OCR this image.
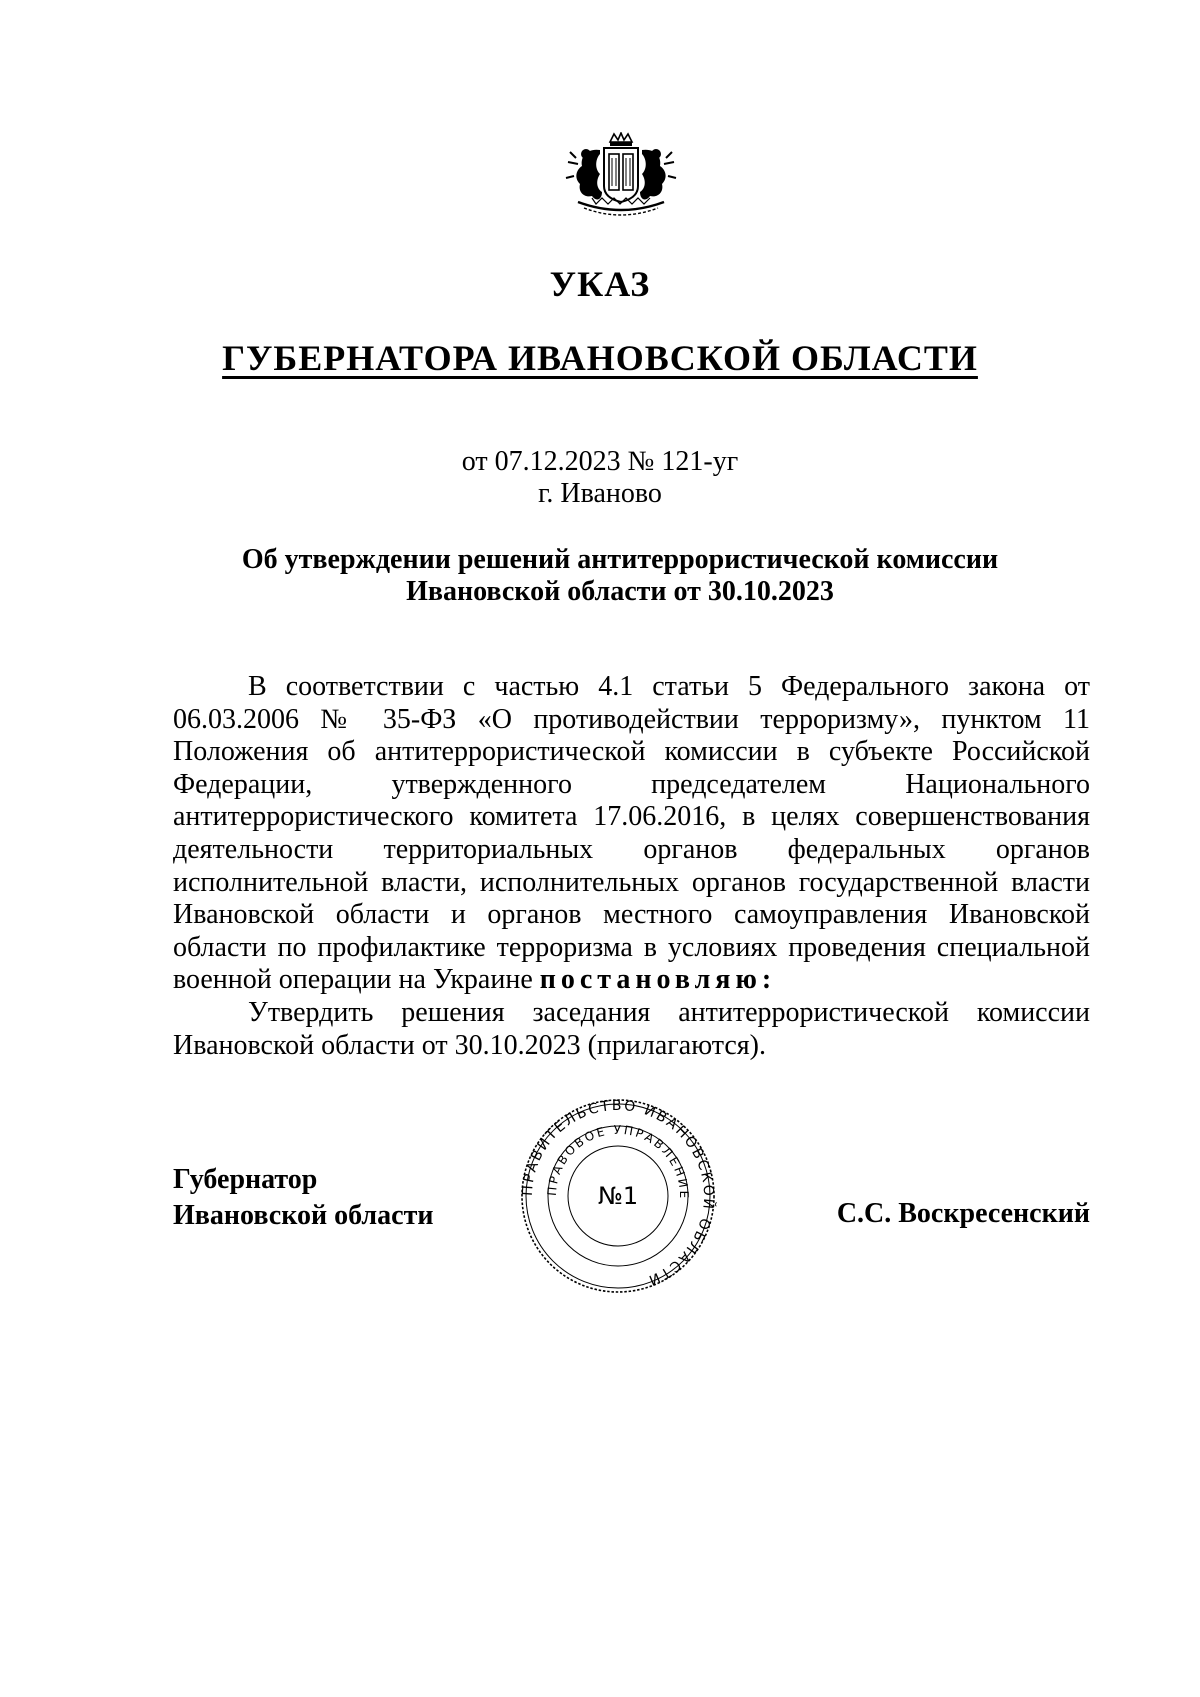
УКАЗ
ГУБЕРНАТОРА ИВАНОВСКОЙ ОБЛАСТИ
от 07.12.2023 № 121-уг
г. Иваново
Об утверждении решений антитеррористической комиссии
Ивановской области от 30.10.2023

В соответствии с частью 4.1 статьи 5 Федерального закона от 06.03.2006 № 35-ФЗ «О противодействии терроризму», пунктом 11 Положения об антитеррористической комиссии в субъекте Российской Федерации, утвержденного председателем Национального антитеррористического комитета 17.06.2016, в целях совершенствования деятельности территориальных органов федеральных органов исполнительной власти, исполнительных органов государственной власти Ивановской области и органов местного самоуправления Ивановской области по профилактике терроризма в условиях проведения специальной военной операции на Украине постановляю:

Утвердить решения заседания антитеррористической комиссии Ивановской области от 30.10.2023 (прилагаются).

Губернатор
Ивановской области
ПРАВИТЕЛЬСТВО ИВАНОВСКОЙ ОБЛАСТИ
ПРАВОВОЕ УПРАВЛЕНИЕ
№1
С.С. Воскресенский
